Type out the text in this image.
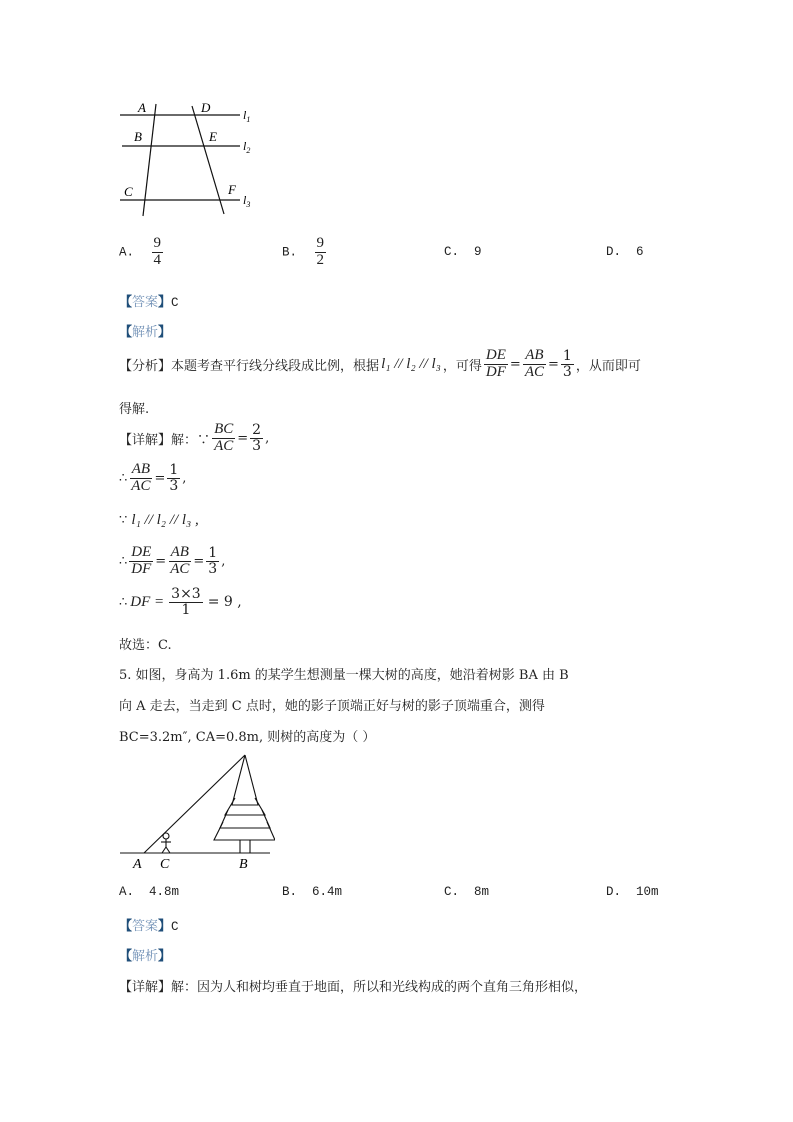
A	D
B	E
C	F
$l_1$
$l_2$
$l_3$
A. $\frac{9}{4}$	B. $\frac{9}{2}$	C. 9	D. 6
【答案】C
【解析】
【 分析 】 本题考查平行线分线段成比例，根据 l₁ // l₂ // l₃ ，可得 $\frac{DE}{DF} = \frac{AB}{AC} = \frac{1}{3}$ ，从而即可
得解.
【 详解 】 解：∵ $\frac{BC}{AC} = \frac{2}{3}$ ,
∴ $\frac{AB}{AC} = \frac{1}{3}$ ,
∵ l₁ // l₂ // l₃ ,
∴ $\frac{DE}{DF} = \frac{AB}{AC} = \frac{1}{3}$ ,
∴ DF = $\frac{3\times 3}{1} = 9$ ,
故选：C.
5. 如图，身高为 1.6m 的某学生想测量一棵大树的高度，她沿着树影 BA 由 B
向 A 走去，当走到 C 点时，她的影子顶端正好与树的影子顶端重合，测得
BC=3.2m″, CA=0.8m, 则树的高度为（ ）
A C	B
A. 4.8m	B. 6.4m	C. 8m	D. 10m
【答案】C
【解析】
【详解】解：因为人和树均垂直于地面，所以和光线构成的两个直角三角形相似，
